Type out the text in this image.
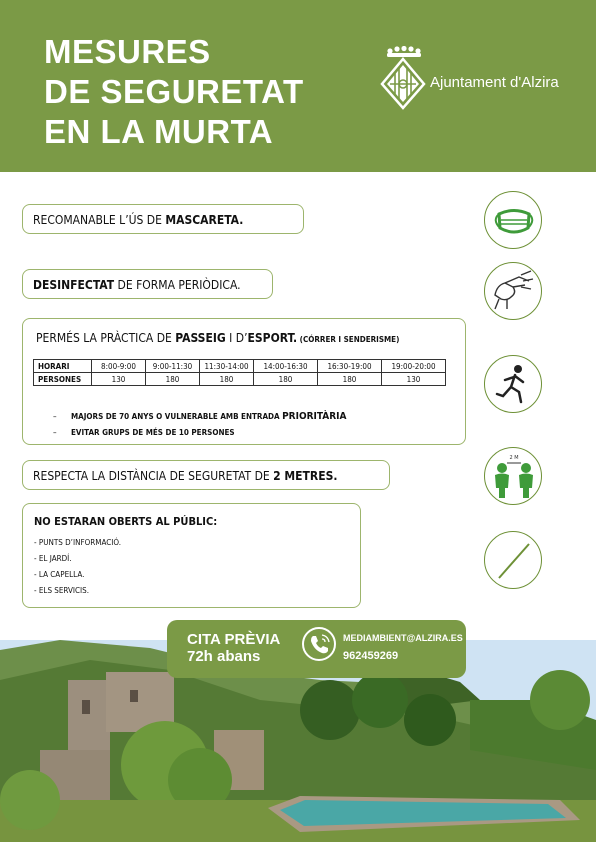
MESURES
DE SEGURETAT
EN LA MURTA
Ajuntament d'Alzira
RECOMANABLE L’ÚS DE MASCARETA.
DESINFECTAT DE FORMA PERIÒDICA.
PERMÉS LA PRÀCTICA DE PASSEIG I D’ESPORT. (CÓRRER I SENDERISME)
HORARI	8:00-9:00	9:00-11:30	11:30-14:00	14:00-16:30	16:30-19:00	19:00-20:00
PERSONES	130	180	180	180	180	130
– MAJORS DE 70 ANYS O VULNERABLE AMB ENTRADA PRIORITÀRIA
– EVITAR GRUPS DE MÉS DE 10 PERSONES
RESPECTA LA DISTÀNCIA DE SEGURETAT DE 2 METRES.
NO ESTARAN OBERTS AL PÚBLIC:
- PUNTS D’INFORMACIÓ.
- EL JARDÍ.
- LA CAPELLA.
- ELS SERVICIS.
2 M
CITA PRÈVIA
72h abans
MEDIAMBIENT@ALZIRA.ES
962459269
